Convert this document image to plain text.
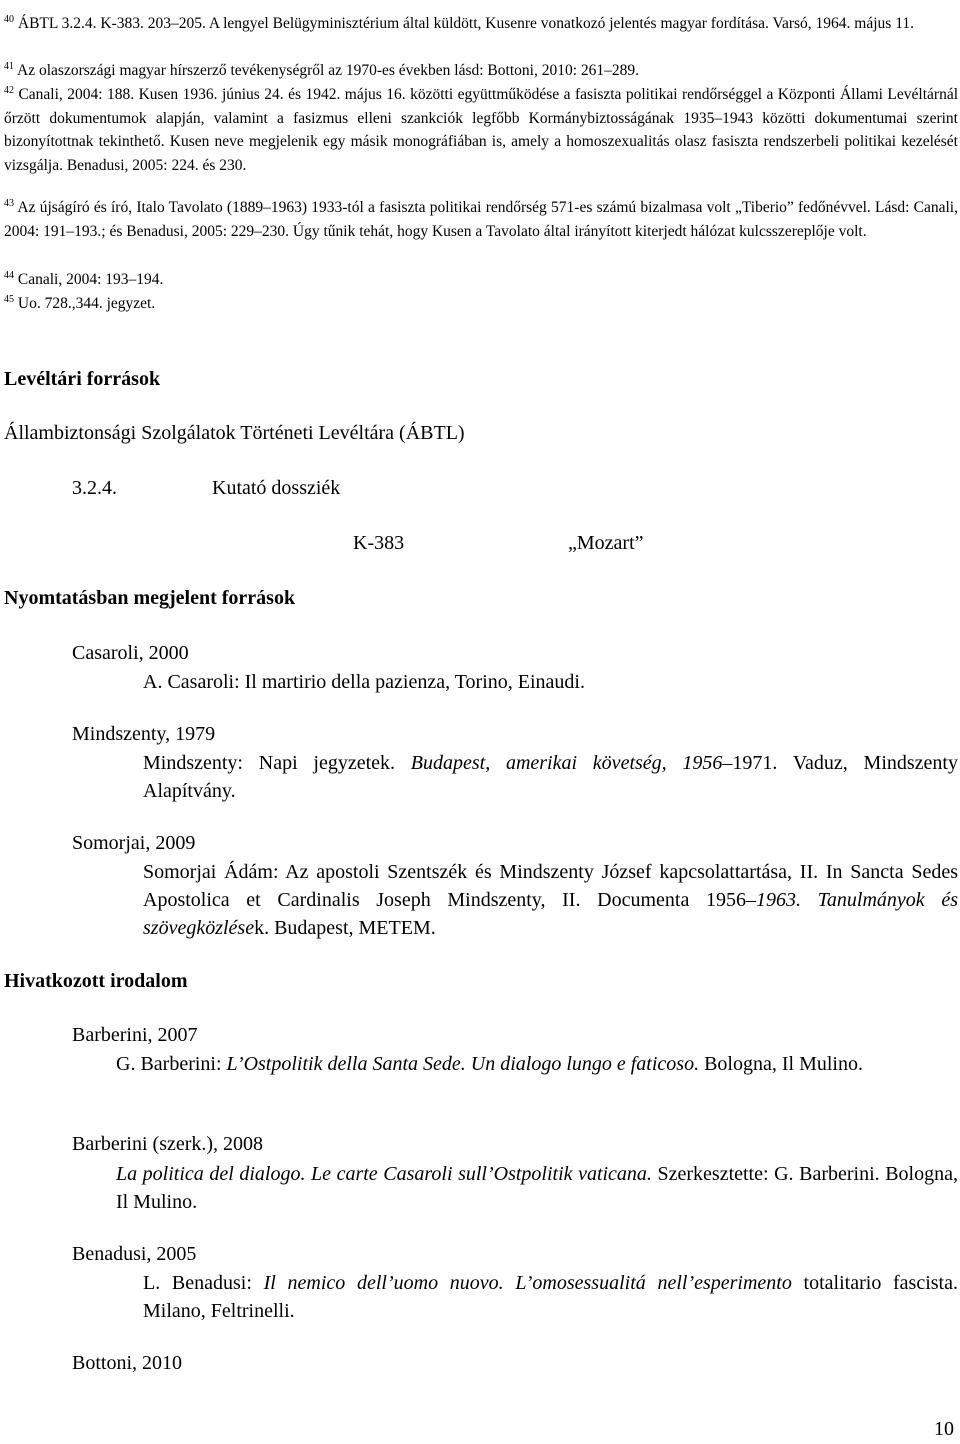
$^{40}$ ÁBTL 3.2.4. K-383. 203–205. A lengyel Belügyminisztérium által küldött, Kusenre vonatkozó jelentés magyar fordítása. Varsó, 1964. május 11.
$^{41}$ Az olaszországi magyar hírszerző tevékenységről az 1970-es években lásd: Bottoni, 2010: 261–289.
$^{42}$ Canali, 2004: 188. Kusen 1936. június 24. és 1942. május 16. közötti együttműködése a fasiszta politikai rendőrséggel a Központi Állami Levéltárnál őrzött dokumentumok alapján, valamint a fasizmus elleni szankciók legfőbb Kormánybiztosságának 1935–1943 közötti dokumentumai szerint bizonyítottnak tekinthető. Kusen neve megjelenik egy másik monográfiában is, amely a homoszexualitás olasz fasiszta rendszerbeli politikai kezelését vizsgálja. Benadusi, 2005: 224. és 230.
$^{43}$ Az újságíró és író, Italo Tavolato (1889–1963) 1933-tól a fasiszta politikai rendőrség 571-es számú bizalmasa volt „Tiberio” fedőnévvel. Lásd: Canali, 2004: 191–193.; és Benadusi, 2005: 229–230. Úgy tűnik tehát, hogy Kusen a Tavolato által irányított kiterjedt hálózat kulcsszereplője volt.
$^{44}$ Canali, 2004: 193–194.
$^{45}$ Uo. 728.,344. jegyzet.
Levéltári források
Állambiztonsági Szolgálatok Történeti Levéltára (ÁBTL)
3.2.4.	Kutató dossziék
K-383	„Mozart”
Nyomtatásban megjelent források
Casaroli, 2000
A. Casaroli: Il martirio della pazienza, Torino, Einaudi.
Mindszenty, 1979
Mindszenty: Napi jegyzetek. Budapest, amerikai követség, 1956–1971. Vaduz, Mindszenty Alapítvány.
Somorjai, 2009
Somorjai Ádám: Az apostoli Szentszék és Mindszenty József kapcsolattartása, II. In Sancta Sedes Apostolica et Cardinalis Joseph Mindszenty, II. Documenta 1956–1963. Tanulmányok és szövegközlések. Budapest, METEM.
Hivatkozott irodalom
Barberini, 2007
G. Barberini: L’Ostpolitik della Santa Sede. Un dialogo lungo e faticoso. Bologna, Il Mulino.
Barberini (szerk.), 2008
La politica del dialogo. Le carte Casaroli sull’Ostpolitik vaticana. Szerkesztette: G. Barberini. Bologna, Il Mulino.
Benadusi, 2005
L. Benadusi: Il nemico dell’uomo nuovo. L’omosessualitá nell’esperimento totalitario fascista. Milano, Feltrinelli.
Bottoni, 2010
10
